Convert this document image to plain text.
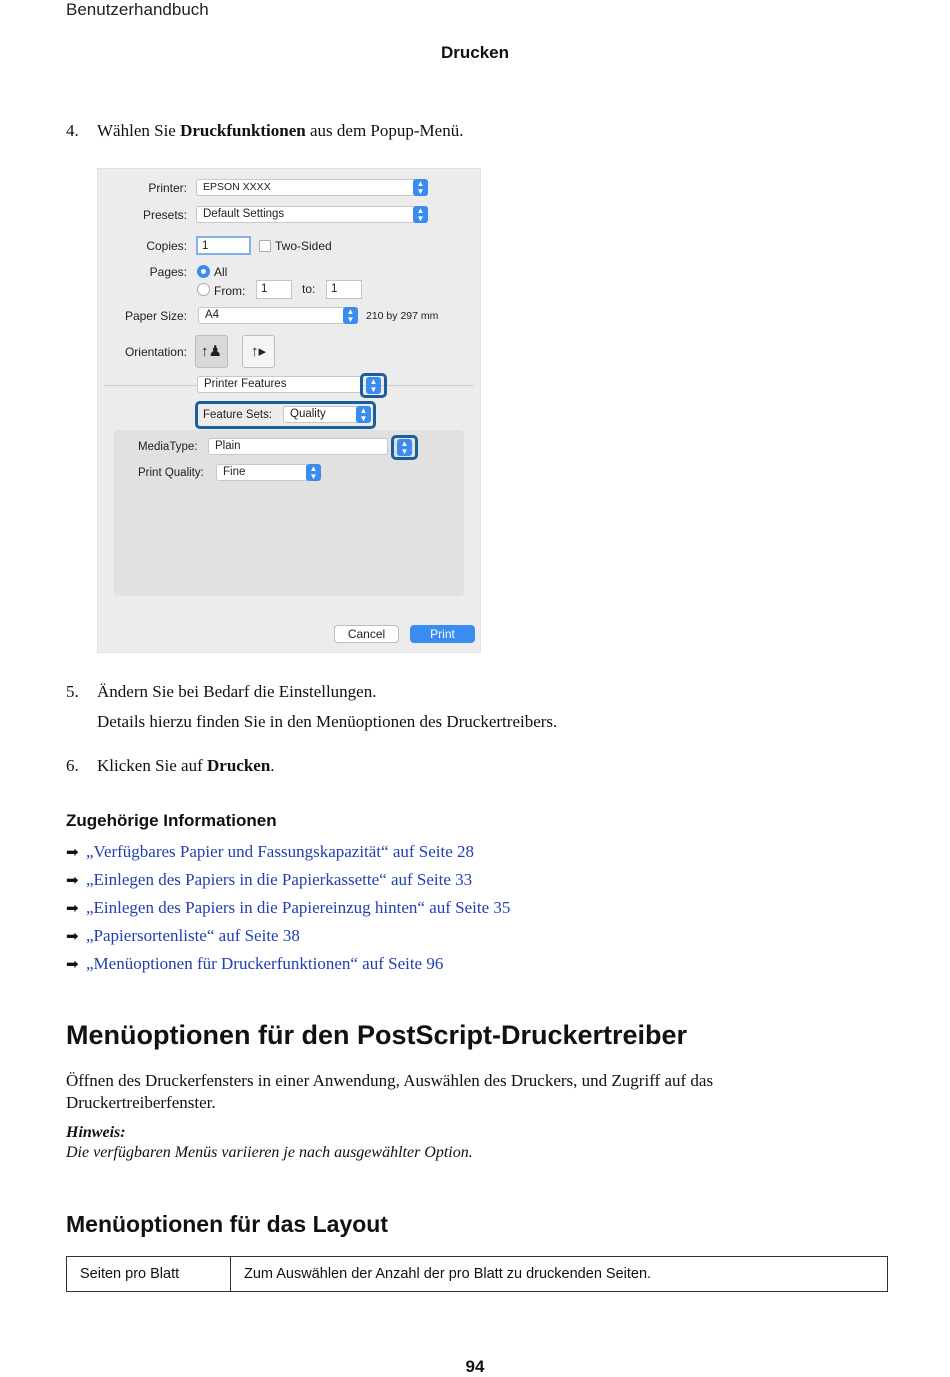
Benutzerhandbuch
Drucken
4. Wählen Sie Druckfunktionen aus dem Popup-Menü.
Printer:	EPSON XXXX	▲
▼
Presets:	Default Settings	▲
▼
Copies:	1	Two-Sided
Pages: All
From:	1	to:	1
Paper Size:	A4	▲
▼	210 by 297 mm
Orientation: ↑♟	↑▸
Printer Features	▲
▼
Feature Sets:	Quality	▲
▼
MediaType:	Plain	▲
▼
Print Quality:	Fine	▲
▼
Cancel	Print
5. Ändern Sie bei Bedarf die Einstellungen.
Details hierzu finden Sie in den Menüoptionen des Druckertreibers.
6. Klicken Sie auf Drucken.
Zugehörige Informationen
➡ „Verfügbares Papier und Fassungskapazität“ auf Seite 28
➡ „Einlegen des Papiers in die Papierkassette“ auf Seite 33
➡ „Einlegen des Papiers in die Papiereinzug hinten“ auf Seite 35
➡ „Papiersortenliste“ auf Seite 38
➡ „Menüoptionen für Druckerfunktionen“ auf Seite 96
Menüoptionen für den PostScript-Druckertreiber
Öffnen des Druckerfensters in einer Anwendung, Auswählen des Druckers, und Zugriff auf das Druckertreiberfenster.
Hinweis:
Die verfügbaren Menüs variieren je nach ausgewählter Option.
Menüoptionen für das Layout
Seiten pro Blatt	Zum Auswählen der Anzahl der pro Blatt zu druckenden Seiten.
94
